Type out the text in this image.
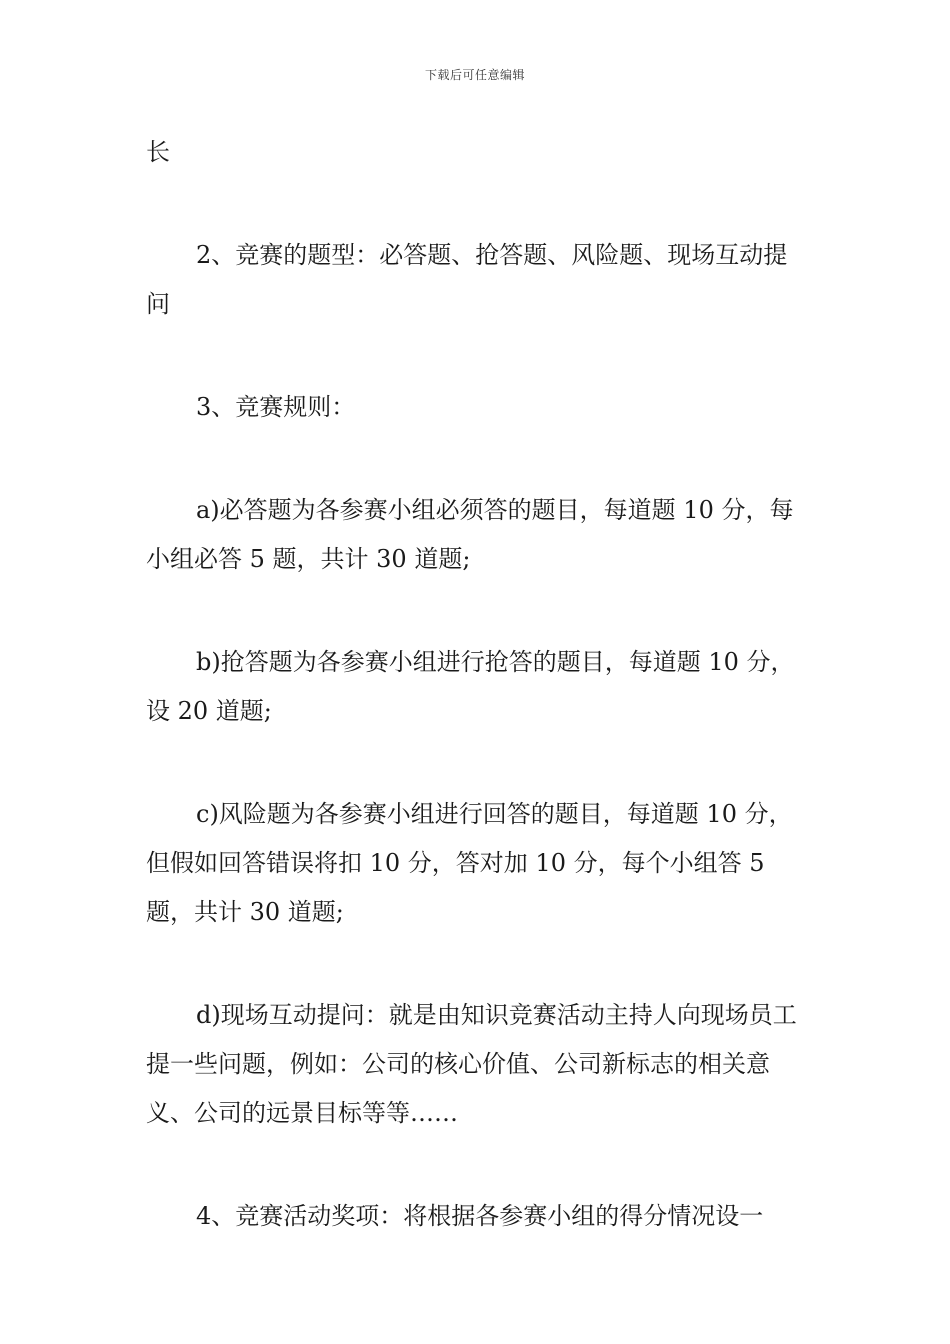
下载后可任意编辑

长

2、竞赛的题型：必答题、抢答题、风险题、现场互动提问

3、竞赛规则：

a)必答题为各参赛小组必须答的题目，每道题 10 分，每小组必答 5 题，共计 30 道题;

b)抢答题为各参赛小组进行抢答的题目，每道题 10 分，设 20 道题;

c)风险题为各参赛小组进行回答的题目，每道题 10 分，但假如回答错误将扣 10 分，答对加 10 分，每个小组答 5 题，共计 30 道题;

d)现场互动提问：就是由知识竞赛活动主持人向现场员工提一些问题，例如：公司的核心价值、公司新标志的相关意义、公司的远景目标等等……

4、竞赛活动奖项：将根据各参赛小组的得分情况设一
